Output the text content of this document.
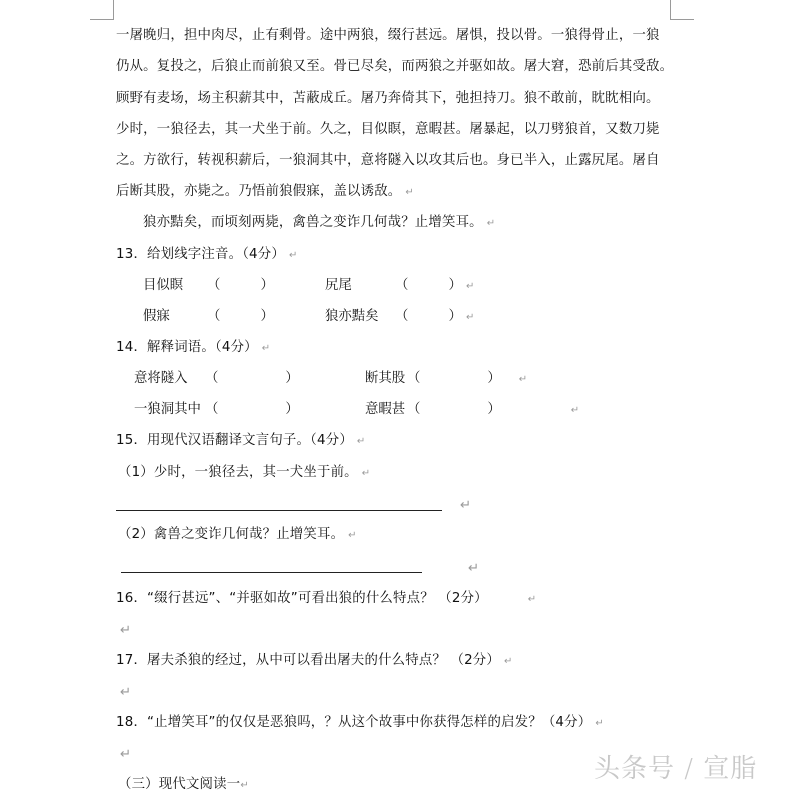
一屠晚归，担中肉尽，止有剩骨。途中两狼，缀行甚远。屠惧，投以骨。一狼得骨止，一狼
仍从。复投之，后狼止而前狼又至。骨已尽矣，而两狼之并驱如故。屠大窘，恐前后其受敌。
顾野有麦场，场主积薪其中，苫蔽成丘。屠乃奔倚其下，弛担持刀。狼不敢前，眈眈相向。
少时，一狼径去，其一犬坐于前。久之，目似瞑，意暇甚。屠暴起，以刀劈狼首，又数刀毙
之。方欲行，转视积薪后，一狼洞其中，意将隧入以攻其后也。身已半入，止露尻尾。屠自
后断其股，亦毙之。乃悟前狼假寐，盖以诱敌。 ↵
狼亦黠矣，而顷刻两毙，禽兽之变诈几何哉？止增笑耳。 ↵
13．给划线字注音。（4分） ↵
目似瞑 （　　　）	尻尾	（　　　） ↵
假寐	（　　　）	狼亦黠矣 （　　　） ↵
14．解释词语。（4分） ↵
意将隧入 （　　　　　）	断其股 （　　　　　） ↵
一狼洞其中 （　　　　　）	意暇甚 （　　　　　）	↵
15．用现代汉语翻译文言句子。（4分） ↵
（1）少时，一狼径去，其一犬坐于前。 ↵
↵
（2）禽兽之变诈几何哉？止增笑耳。 ↵
↵
16．“缀行甚远”、“并驱如故”可看出狼的什么特点？ （2分）	↵
↵
17．屠夫杀狼的经过，从中可以看出屠夫的什么特点？ （2分） ↵
↵
18．“止增笑耳”的仅仅是恶狼吗，？从这个故事中你获得怎样的启发？（4分） ↵
↵
（三）现代文阅读一↵
头条号 / 宣脂
